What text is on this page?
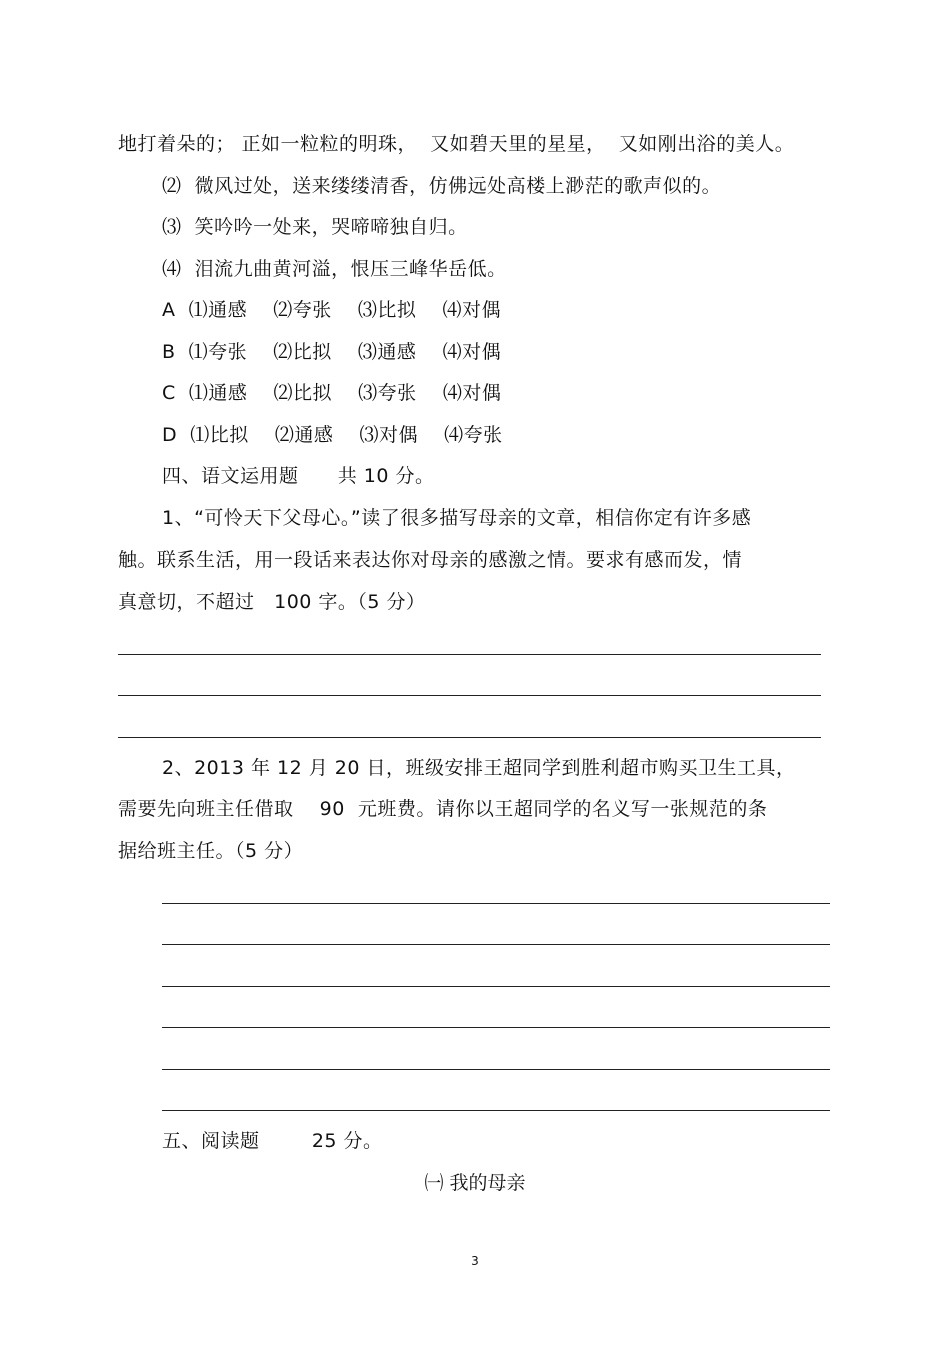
地打着朵的； 正如一粒粒的明珠，  又如碧天里的星星，  又如刚出浴的美人。
⑵  微风过处，送来缕缕清香，仿佛远处高楼上渺茫的歌声似的。
⑶  笑吟吟一处来，哭啼啼独自归。
⑷  泪流九曲黄河溢，恨压三峰华岳低。
A  ⑴通感    ⑵夸张    ⑶比拟    ⑷对偶
B  ⑴夸张    ⑵比拟    ⑶通感    ⑷对偶
C  ⑴通感    ⑵比拟    ⑶夸张    ⑷对偶
D  ⑴比拟    ⑵通感    ⑶对偶    ⑷夸张
四、语文运用题      共 10 分。
1、“可怜天下父母心。”读了很多描写母亲的文章，相信你定有许多感
触。联系生活，用一段话来表达你对母亲的感激之情。要求有感而发，情
真意切，不超过   100 字。（5 分）
2、2013 年 12 月 20 日，班级安排王超同学到胜利超市购买卫生工具，
需要先向班主任借取    90  元班费。请你以王超同学的名义写一张规范的条
据给班主任。（5 分）
五、阅读题        25 分。
㈠ 我的母亲
3
